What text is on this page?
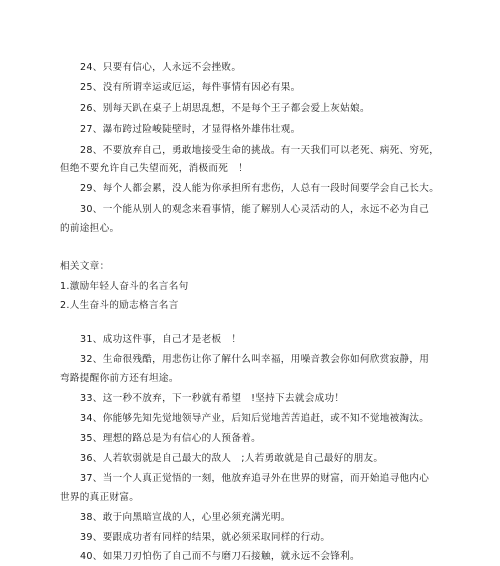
24、只要有信心，人永远不会挫败。
25、没有所谓幸运或厄运，每件事情有因必有果。
26、别每天趴在桌子上胡思乱想，不是每个王子都会爱上灰姑娘。
27、瀑布跨过险峻陡壁时，才显得格外雄伟壮观。
28、不要放弃自己，勇敢地接受生命的挑战。有一天我们可以老死、病死、穷死，
但绝不要允许自己失望而死，消极而死　！
29、每个人都会累，没人能为你承担所有悲伤，人总有一段时间要学会自己长大。
30、一个能从别人的观念来看事情，能了解别人心灵活动的人，永远不必为自己
的前途担心。
相关文章：
1.激励年轻人奋斗的名言名句
2.人生奋斗的励志格言名言
31、成功这件事，自己才是老板　！
32、生命很残酷，用悲伤让你了解什么叫幸福，用噪音教会你如何欣赏寂静，用
弯路提醒你前方还有坦途。
33、这一秒不放弃，下一秒就有希望　!坚持下去就会成功！
34、你能够先知先觉地领导产业，后知后觉地苦苦追赶，或不知不觉地被淘汰。
35、理想的路总是为有信心的人预备着。
36、人若软弱就是自己最大的敌人　;人若勇敢就是自己最好的朋友。
37、当一个人真正觉悟的一刻，他放弃追寻外在世界的财富，而开始追寻他内心
世界的真正财富。
38、敢于向黑暗宣战的人，心里必须充满光明。
39、要跟成功者有同样的结果，就必须采取同样的行动。
40、如果刀刃怕伤了自己而不与磨刀石接触，就永远不会锋利。
